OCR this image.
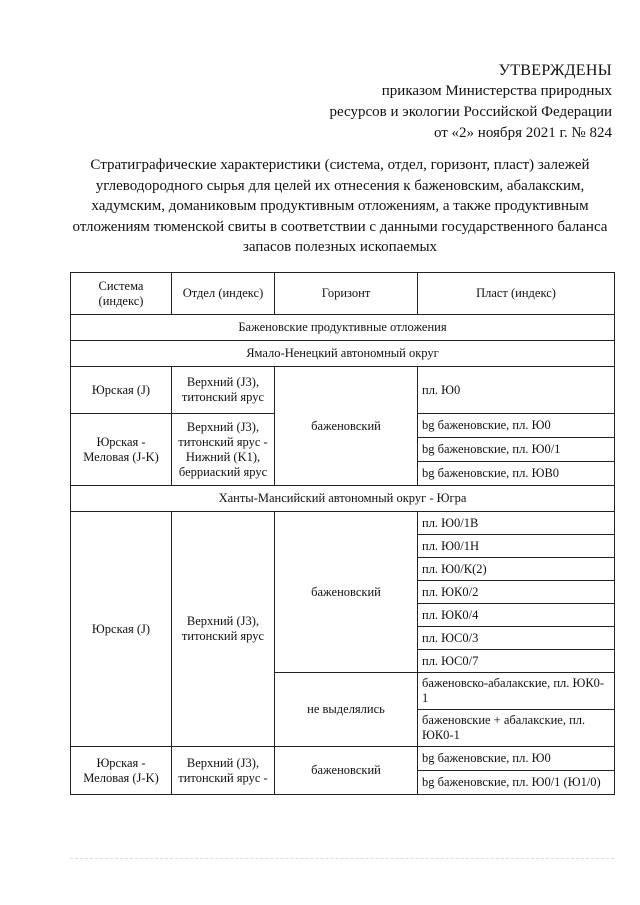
УТВЕРЖДЕНЫ
приказом Министерства природных
ресурсов и экологии Российской Федерации
от «2» ноября 2021 г. № 824
Стратиграфические характеристики (система, отдел, горизонт, пласт) залежей углеводородного сырья для целей их отнесения к баженовским, абалакским, хадумским, доманиковым продуктивным отложениям, а также продуктивным отложениям тюменской свиты в соответствии с данными государственного баланса запасов полезных ископаемых
Система (индекс)	Отдел (индекс)	Горизонт	Пласт (индекс)
Баженовские продуктивные отложения			
Ямало-Ненецкий автономный округ			
Юрская (J)	Верхний (J3), титонский ярус	баженовский	пл. Ю0
Юрская - Меловая (J-K)	Верхний (J3), титонский ярус - Нижний (K1), берриаский ярус		bg баженовские, пл. Ю0
			bg баженовские, пл. Ю0/1
			bg баженовские, пл. ЮВ0
Ханты-Мансийский автономный округ - Югра			
Юрская (J)	Верхний (J3), титонский ярус	баженовский	пл. Ю0/1В
			пл. Ю0/1Н
			пл. Ю0/К(2)
			пл. ЮК0/2
			пл. ЮК0/4
			пл. ЮС0/3
			пл. ЮС0/7
		не выделялись	баженовско-абалакские, пл. ЮК0-1
			баженовские + абалакские, пл. ЮК0-1
Юрская - Меловая (J-K)	Верхний (J3), титонский ярус -	баженовский	bg баженовские, пл. Ю0
			bg баженовские, пл. Ю0/1 (Ю1/0)
